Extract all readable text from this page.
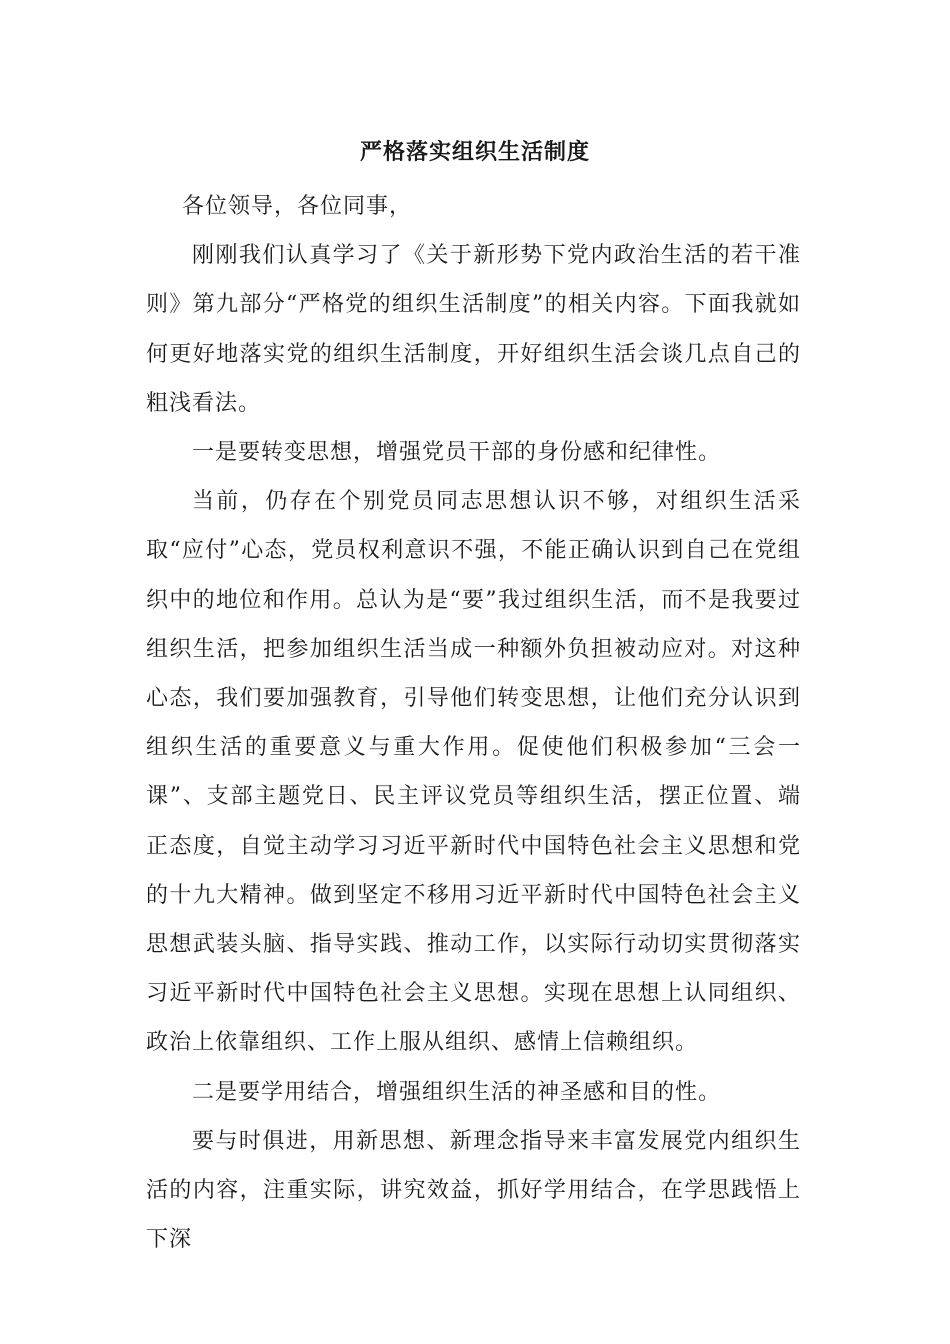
严格落实组织生活制度

各位领导，各位同事，

刚刚我们认真学习了《关于新形势下党内政治生活的若干准则》第九部分“严格党的组织生活制度”的相关内容。下面我就如何更好地落实党的组织生活制度，开好组织生活会谈几点自己的粗浅看法。

一是要转变思想，增强党员干部的身份感和纪律性。

当前，仍存在个别党员同志思想认识不够，对组织生活采取“应付”心态，党员权利意识不强，不能正确认识到自己在党组织中的地位和作用。总认为是“要”我过组织生活，而不是我要过组织生活，把参加组织生活当成一种额外负担被动应对。对这种心态，我们要加强教育，引导他们转变思想，让他们充分认识到组织生活的重要意义与重大作用。促使他们积极参加“三会一课”、支部主题党日、民主评议党员等组织生活，摆正位置、端正态度，自觉主动学习习近平新时代中国特色社会主义思想和党的十九大精神。做到坚定不移用习近平新时代中国特色社会主义思想武装头脑、指导实践、推动工作，以实际行动切实贯彻落实习近平新时代中国特色社会主义思想。实现在思想上认同组织、政治上依靠组织、工作上服从组织、感情上信赖组织。

二是要学用结合，增强组织生活的神圣感和目的性。

要与时俱进，用新思想、新理念指导来丰富发展党内组织生活的内容，注重实际，讲究效益，抓好学用结合，在学思践悟上下深
